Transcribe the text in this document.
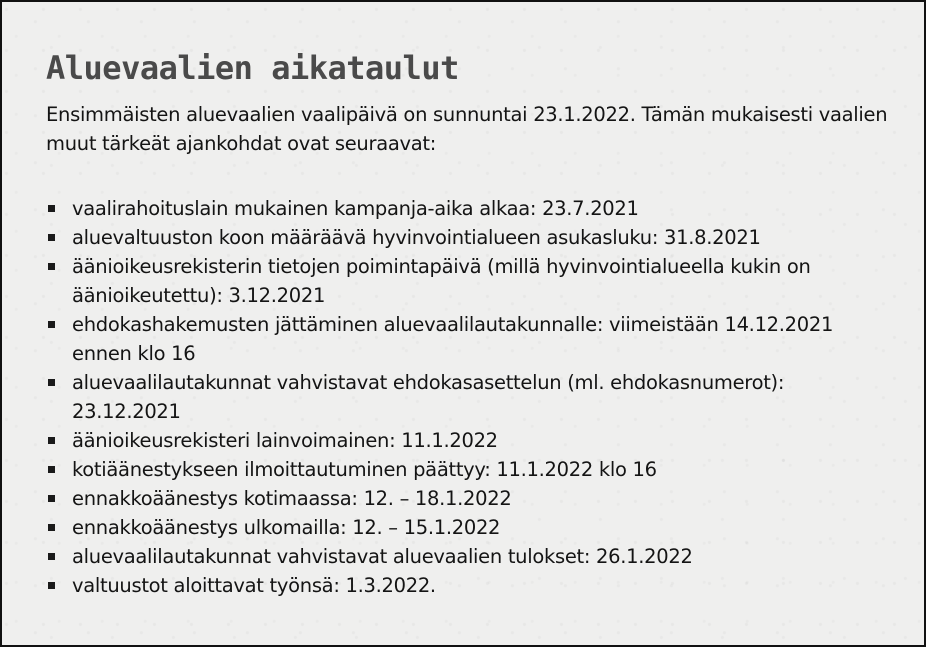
Aluevaalien aikataulut

Ensimmäisten aluevaalien vaalipäivä on sunnuntai 23.1.2022. Tämän mukaisesti vaalien muut tärkeät ajankohdat ovat seuraavat:

vaalirahoituslain mukainen kampanja-aika alkaa: 23.7.2021
aluevaltuuston koon määräävä hyvinvointialueen asukasluku: 31.8.2021
äänioikeusrekisterin tietojen poimintapäivä (millä hyvinvointialueella kukin on äänioikeutettu): 3.12.2021
ehdokashakemusten jättäminen aluevaalilautakunnalle: viimeistään 14.12.2021 ennen klo 16
aluevaalilautakunnat vahvistavat ehdokasasettelun (ml. ehdokasnumerot): 23.12.2021
äänioikeusrekisteri lainvoimainen: 11.1.2022
kotiäänestykseen ilmoittautuminen päättyy: 11.1.2022 klo 16
ennakkoäänestys kotimaassa: 12. – 18.1.2022
ennakkoäänestys ulkomailla: 12. – 15.1.2022
aluevaalilautakunnat vahvistavat aluevaalien tulokset: 26.1.2022
valtuustot aloittavat työnsä: 1.3.2022.
